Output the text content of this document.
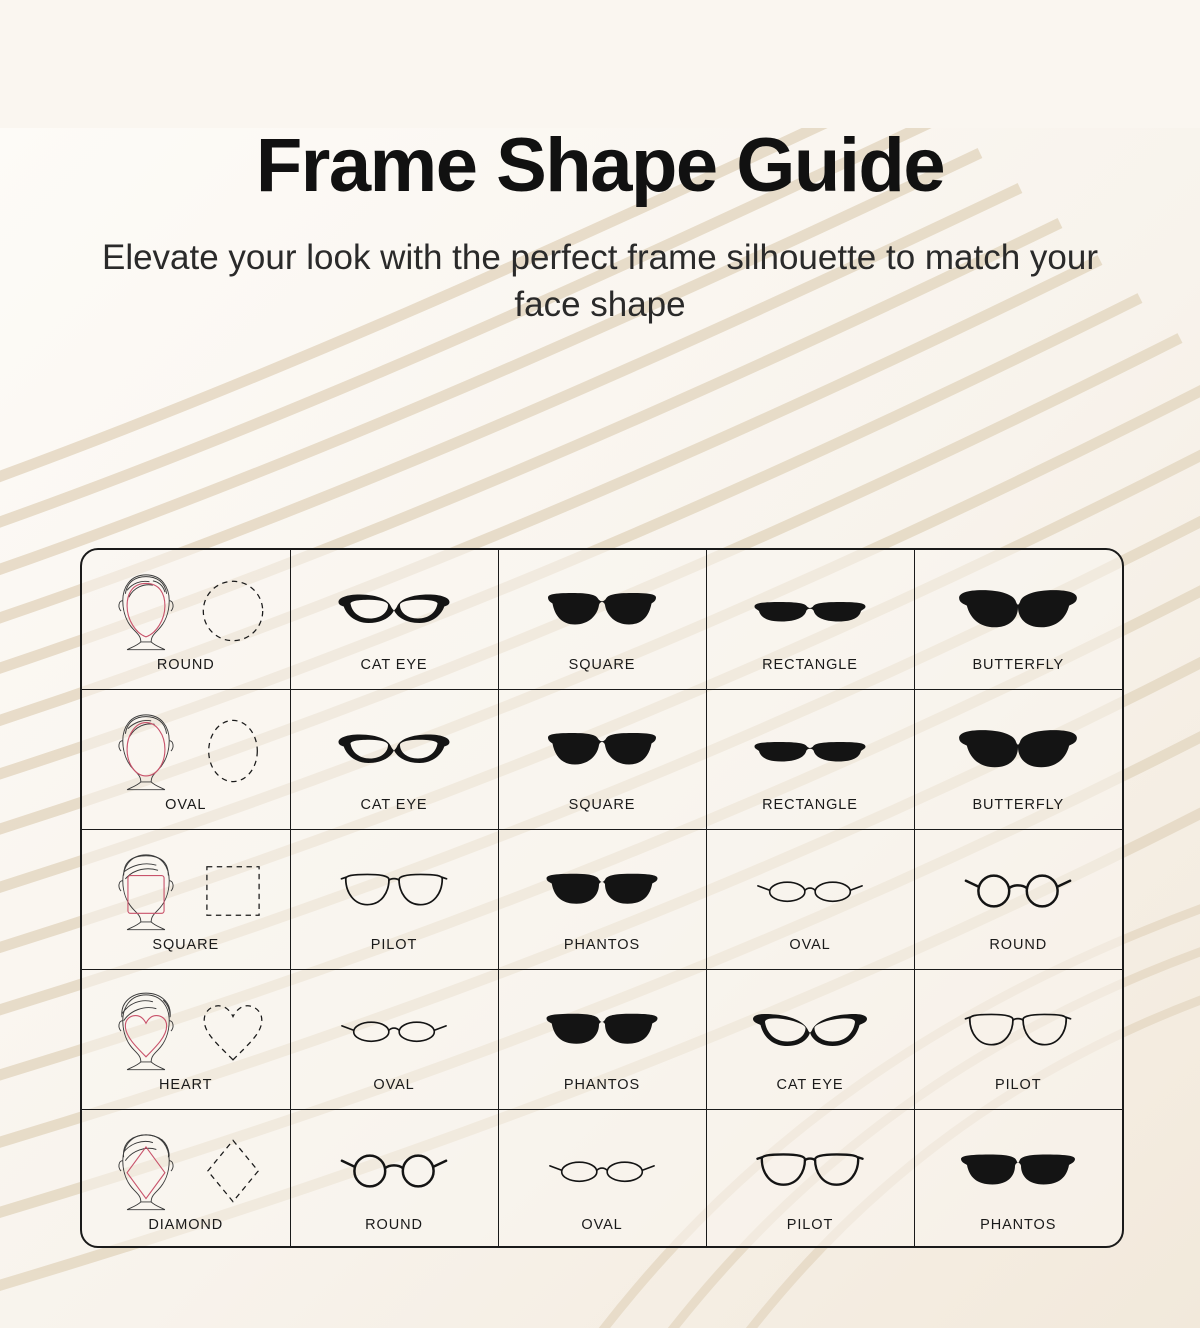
Frame Shape Guide
Elevate your look with the perfect frame silhouette to match your face shape
ROUND	CAT EYE	SQUARE	RECTANGLE	BUTTERFLY

OVAL	CAT EYE	SQUARE	RECTANGLE	BUTTERFLY

SQUARE	PILOT	PHANTOS	OVAL	ROUND

HEART	OVAL	PHANTOS	CAT EYE	PILOT

DIAMOND	ROUND	OVAL	PILOT	PHANTOS
